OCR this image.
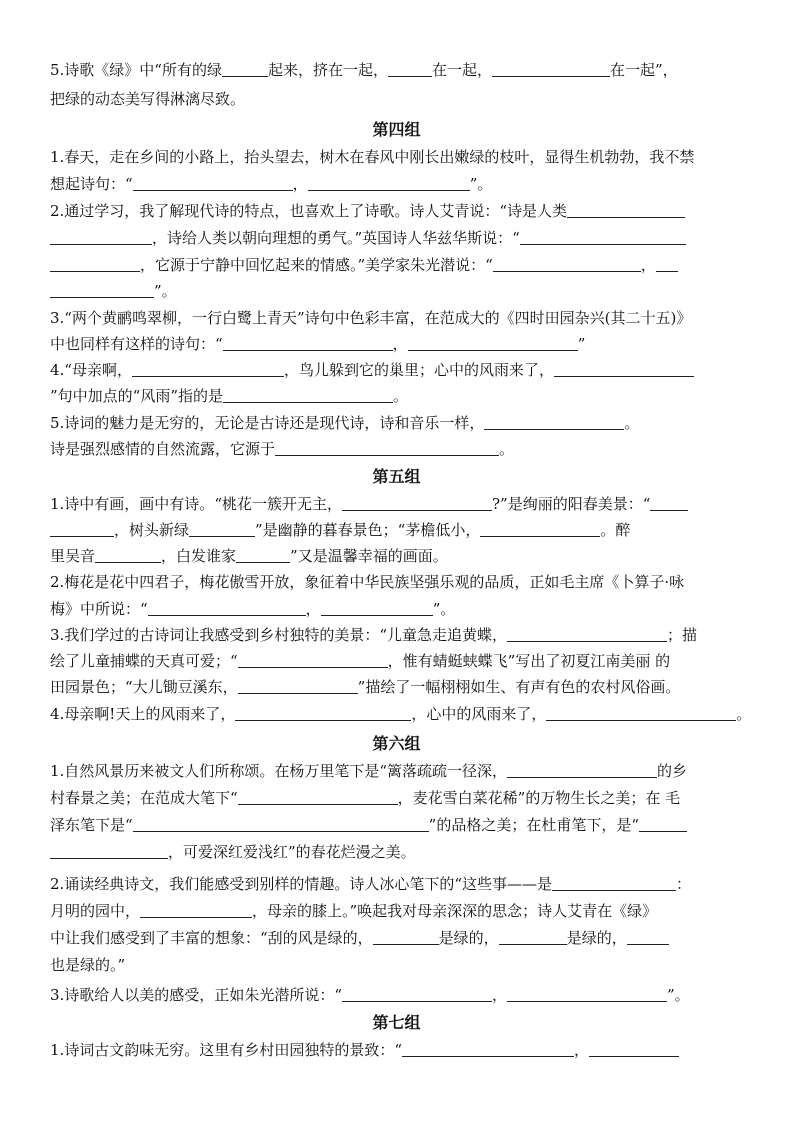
5.诗歌《绿》中“所有的绿	起来，挤在一起，	在一起，	在一起”，
把绿的动态美写得淋漓尽致。
第四组
1.春天，走在乡间的小路上，抬头望去，树木在春风中刚长出嫩绿的枝叶，显得生机勃勃，我不禁
想起诗句：“	，	”。
2.通过学习，我了解现代诗的特点，也喜欢上了诗歌。诗人艾青说：“诗是人类
，诗给人类以朝向理想的勇气。”英国诗人华兹华斯说：“
，它源于宁静中回忆起来的情感。”美学家朱光潜说：“	，
”。
3.“两个黄鹂鸣翠柳，一行白鹭上青天”诗句中色彩丰富，在范成大的《四时田园杂兴(其二十五)》
中也同样有这样的诗句：“	，	”
4.“母亲啊，	，鸟儿躲到它的巢里；心中的风雨来了，
”句中加点的“风雨”指的是	。
5.诗词的魅力是无穷的，无论是古诗还是现代诗，诗和音乐一样，	。
诗是强烈感情的自然流露，它源于	。
第五组
1.诗中有画，画中有诗。“桃花一簇开无主，	?”是绚丽的阳春美景：“
，树头新绿	”是幽静的暮春景色；“茅檐低小，	。醉
里吴音	，白发谁家	”又是温馨幸福的画面。
2.梅花是花中四君子，梅花傲雪开放，象征着中华民族坚强乐观的品质，正如毛主席《卜算子·咏
梅》中所说：“	，	”。
3.我们学过的古诗词让我感受到乡村独特的美景：“儿童急走追黄蝶，	；描
绘了儿童捕蝶的天真可爱；“	，惟有蜻蜓蛱蝶飞”写出了初夏江南美丽 的
田园景色；“大儿锄豆溪东，	”描绘了一幅栩栩如生、有声有色的农村风俗画。
4.母亲啊!天上的风雨来了，	，心中的风雨来了，	。
第六组
1.自然风景历来被文人们所称颂。在杨万里笔下是“篱落疏疏一径深，	的乡
村春景之美；在范成大笔下“	，麦花雪白菜花稀”的万物生长之美；在 毛
泽东笔下是“	”的品格之美；在杜甫笔下，是“
，可爱深红爱浅红”的春花烂漫之美。
2.诵读经典诗文，我们能感受到别样的情趣。诗人冰心笔下的“这些事——是	：
月明的园中，	，母亲的膝上。”唤起我对母亲深深的思念；诗人艾青在《绿》
中让我们感受到了丰富的想象：“刮的风是绿的，	是绿的，	是绿的，
也是绿的。”
3.诗歌给人以美的感受，正如朱光潜所说：“	，	”。
第七组
1.诗词古文韵味无穷。这里有乡村田园独特的景致：“	，
